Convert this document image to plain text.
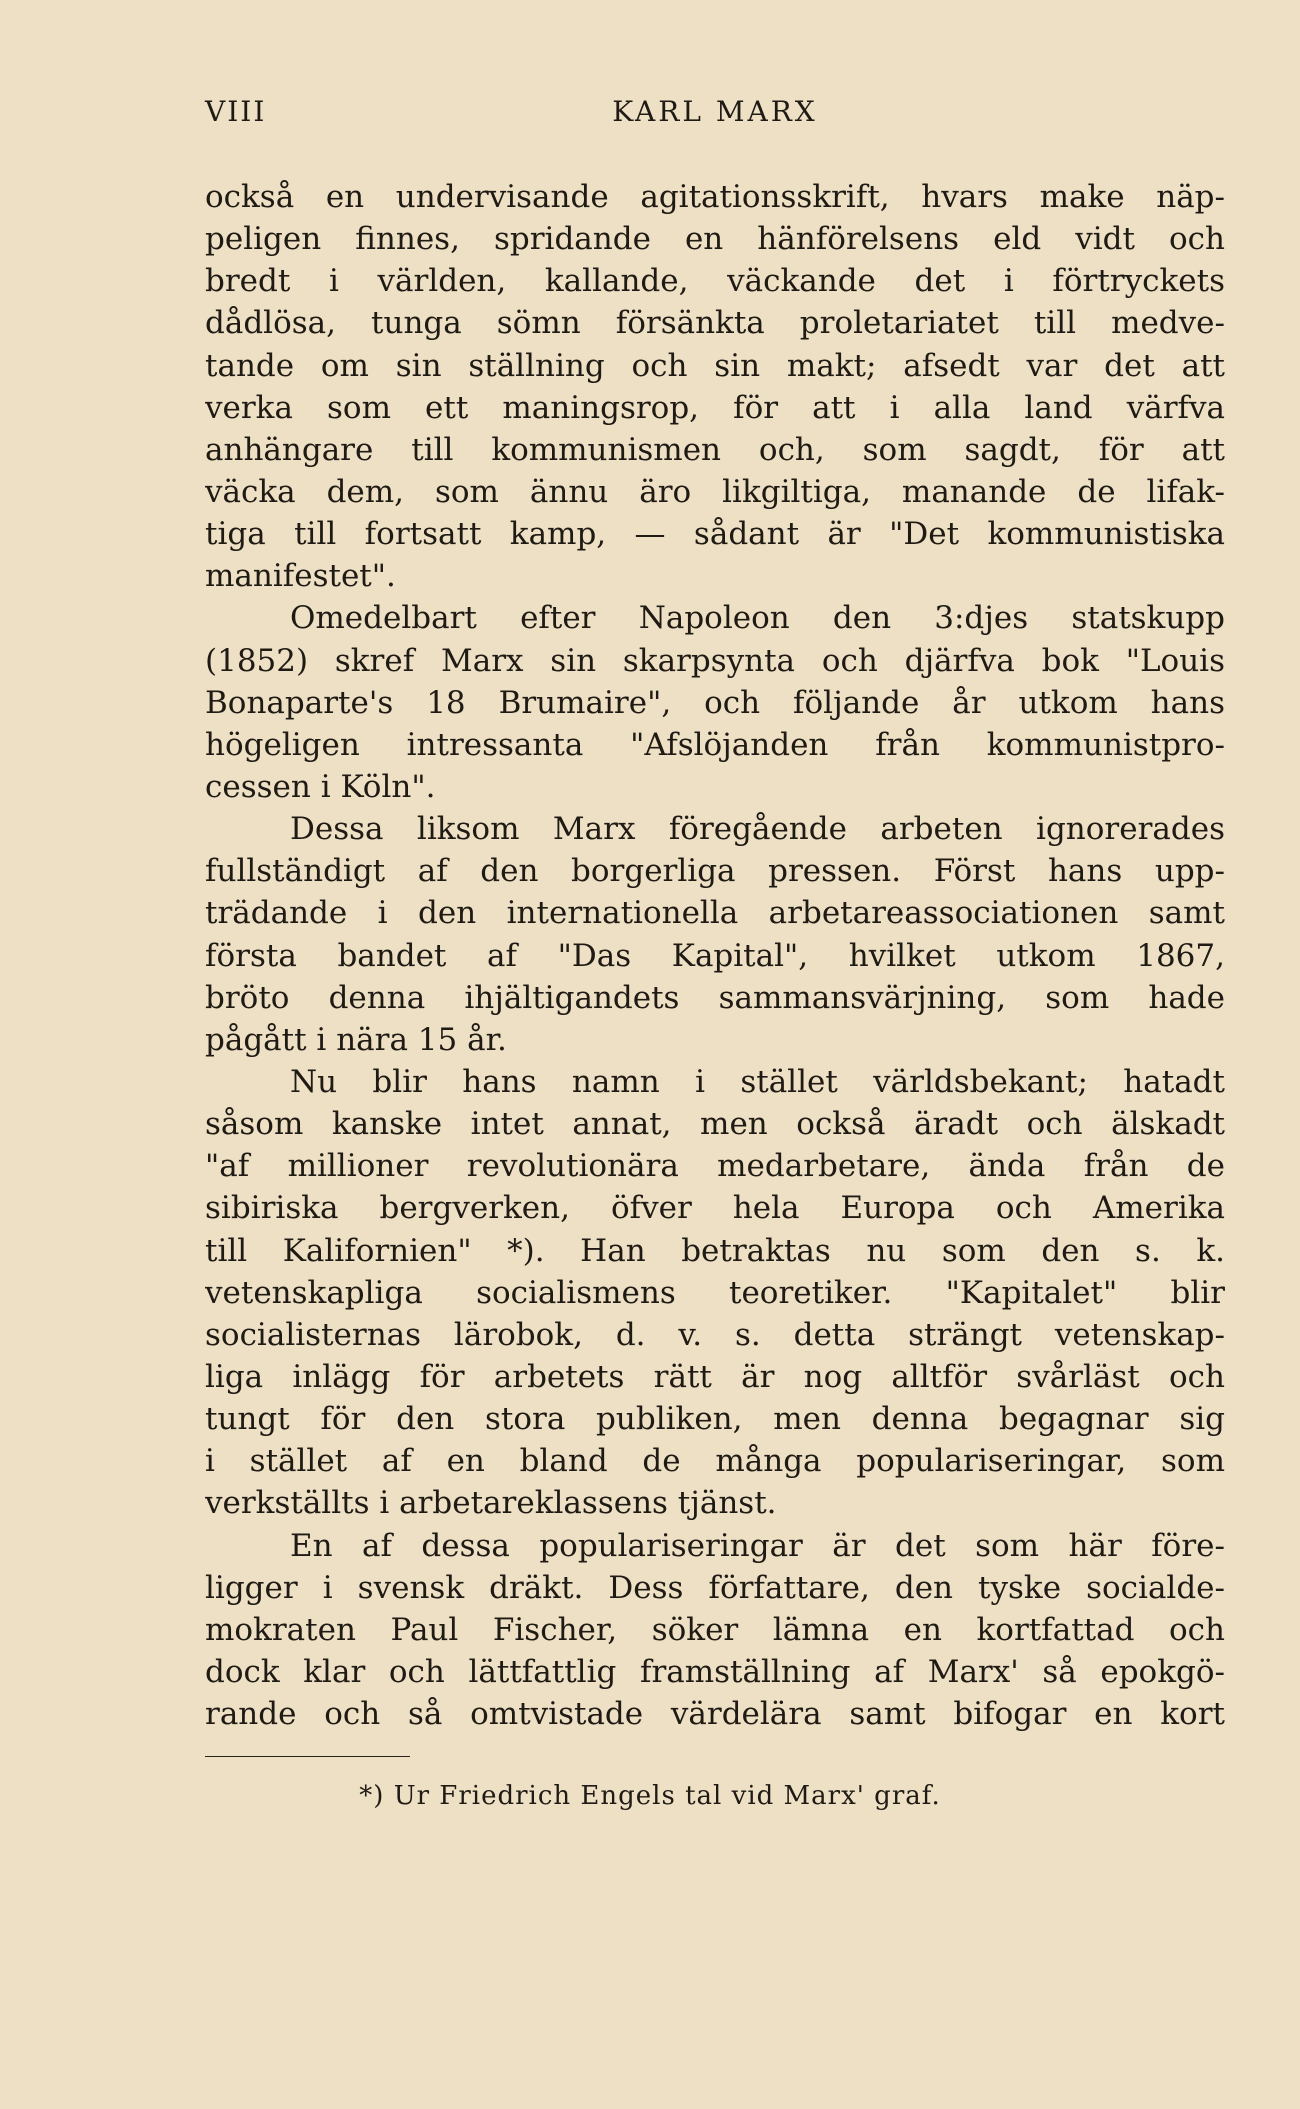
VIII	KARL MARX
också en undervisande agitationsskrift, hvars make näp-
peligen finnes, spridande en hänförelsens eld vidt och
bredt i världen, kallande, väckande det i förtryckets
dådlösa, tunga sömn försänkta proletariatet till medve-
tande om sin ställning och sin makt; afsedt var det att
verka som ett maningsrop, för att i alla land värfva
anhängare till kommunismen och, som sagdt, för att
väcka dem, som ännu äro likgiltiga, manande de lifak-
tiga till fortsatt kamp, — sådant är "Det kommunistiska
manifestet".
Omedelbart efter Napoleon den 3:djes statskupp
(1852) skref Marx sin skarpsynta och djärfva bok "Louis
Bonaparte's 18 Brumaire", och följande år utkom hans
högeligen intressanta "Afslöjanden från kommunistpro-
cessen i Köln".
Dessa liksom Marx föregående arbeten ignorerades
fullständigt af den borgerliga pressen. Först hans upp-
trädande i den internationella arbetareassociationen samt
första bandet af "Das Kapital", hvilket utkom 1867,
bröto denna ihjältigandets sammansvärjning, som hade
pågått i nära 15 år.
Nu blir hans namn i stället världsbekant; hatadt
såsom kanske intet annat, men också äradt och älskadt
"af millioner revolutionära medarbetare, ända från de
sibiriska bergverken, öfver hela Europa och Amerika
till Kalifornien" *). Han betraktas nu som den s. k.
vetenskapliga socialismens teoretiker. "Kapitalet" blir
socialisternas lärobok, d. v. s. detta strängt vetenskap-
liga inlägg för arbetets rätt är nog alltför svårläst och
tungt för den stora publiken, men denna begagnar sig
i stället af en bland de många populariseringar, som
verkställts i arbetareklassens tjänst.
En af dessa populariseringar är det som här före-
ligger i svensk dräkt. Dess författare, den tyske socialde-
mokraten Paul Fischer, söker lämna en kortfattad och
dock klar och lättfattlig framställning af Marx' så epokgö-
rande och så omtvistade värdelära samt bifogar en kort
*) Ur Friedrich Engels tal vid Marx' graf.
